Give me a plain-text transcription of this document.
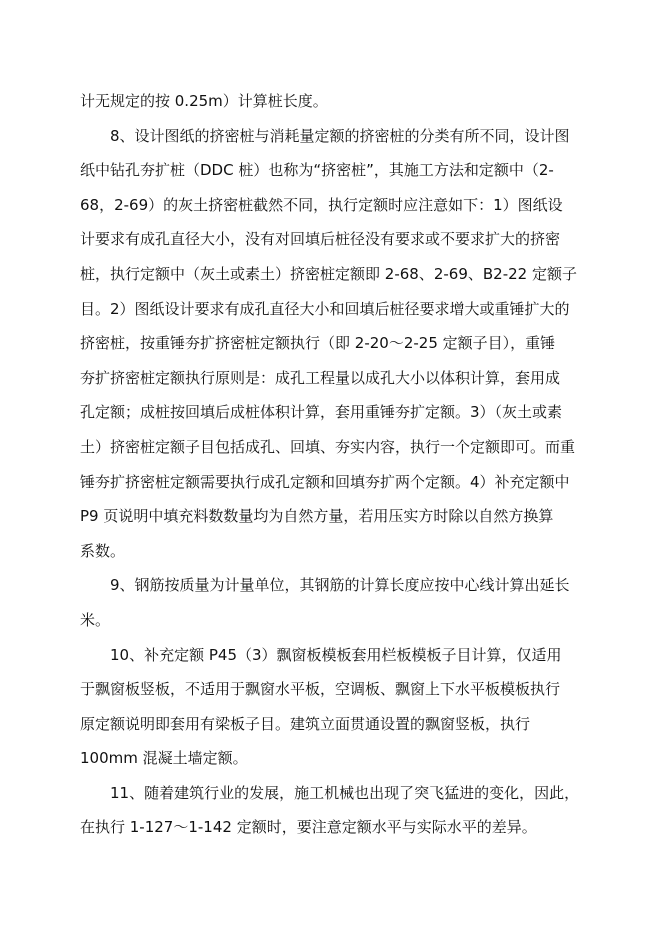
计无规定的按 0.25m）计算桩长度。
8、设计图纸的挤密桩与消耗量定额的挤密桩的分类有所不同，设计图
纸中钻孔夯扩桩（DDC 桩）也称为“挤密桩”，其施工方法和定额中（2-
68，2-69）的灰土挤密桩截然不同，执行定额时应注意如下：1）图纸设
计要求有成孔直径大小，没有对回填后桩径没有要求或不要求扩大的挤密
桩，执行定额中（灰土或素土）挤密桩定额即 2-68、2-69、B2-22 定额子
目。2）图纸设计要求有成孔直径大小和回填后桩径要求增大或重锤扩大的
挤密桩，按重锤夯扩挤密桩定额执行（即 2-20～2-25 定额子目），重锤
夯扩挤密桩定额执行原则是：成孔工程量以成孔大小以体积计算，套用成
孔定额；成桩按回填后成桩体积计算，套用重锤夯扩定额。3）（灰土或素
土）挤密桩定额子目包括成孔、回填、夯实内容，执行一个定额即可。而重
锤夯扩挤密桩定额需要执行成孔定额和回填夯扩两个定额。4）补充定额中
P9 页说明中填充料数数量均为自然方量，若用压实方时除以自然方换算
系数。
9、钢筋按质量为计量单位，其钢筋的计算长度应按中心线计算出延长
米。
10、补充定额 P45（3）飘窗板模板套用栏板模板子目计算，仅适用
于飘窗板竖板，不适用于飘窗水平板，空调板、飘窗上下水平板模板执行
原定额说明即套用有梁板子目。建筑立面贯通设置的飘窗竖板，执行
100mm 混凝土墙定额。
11、随着建筑行业的发展，施工机械也出现了突飞猛进的变化，因此，
在执行 1-127～1-142 定额时，要注意定额水平与实际水平的差异。
